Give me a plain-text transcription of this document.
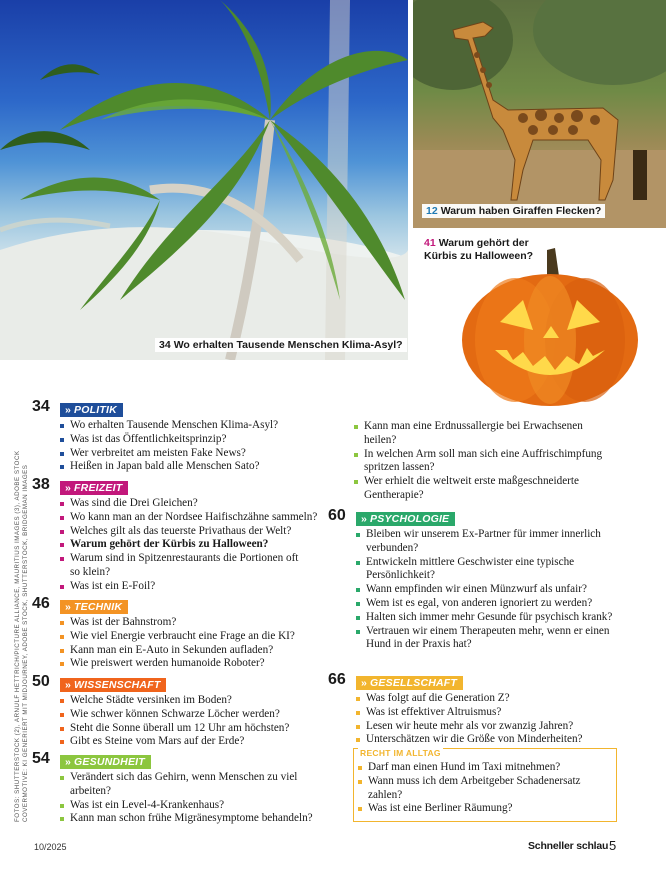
34 Wo erhalten Tausende Menschen Klima-Asyl?
12 Warum haben Giraffen Flecken?
41 Warum gehört der Kürbis zu Halloween?
34 » POLITIK
Wo erhalten Tausende Menschen Klima-Asyl?
Was ist das Öffentlichkeitsprinzip?
Wer verbreitet am meisten Fake News?
Heißen in Japan bald alle Menschen Sato?
38 » FREIZEIT
Was sind die Drei Gleichen?
Wo kann man an der Nordsee Haifischzähne sammeln?
Welches gilt als das teuerste Privathaus der Welt?
Warum gehört der Kürbis zu Halloween?
Warum sind in Spitzenrestaurants die Portionen oft so klein?
Was ist ein E-Foil?
46 » TECHNIK
Was ist der Bahnstrom?
Wie viel Energie verbraucht eine Frage an die KI?
Kann man ein E-Auto in Sekunden aufladen?
Wie preiswert werden humanoide Roboter?
50 » WISSENSCHAFT
Welche Städte versinken im Boden?
Wie schwer können Schwarze Löcher werden?
Steht die Sonne überall um 12 Uhr am höchsten?
Gibt es Steine vom Mars auf der Erde?
54 » GESUNDHEIT
Verändert sich das Gehirn, wenn Menschen zu viel arbeiten?
Was ist ein Level-4-Krankenhaus?
Kann man schon frühe Migränesymptome behandeln?
Kann man eine Erdnussallergie bei Erwachsenen heilen?
In welchen Arm soll man sich eine Auffrischimpfung spritzen lassen?
Wer erhielt die weltweit erste maßgeschneiderte Gentherapie?
60 » PSYCHOLOGIE
Bleiben wir unserem Ex-Partner für immer innerlich verbunden?
Entwickeln mittlere Geschwister eine typische Persönlichkeit?
Wann empfinden wir einen Münzwurf als unfair?
Wem ist es egal, von anderen ignoriert zu werden?
Halten sich immer mehr Gesunde für psychisch krank?
Vertrauen wir einem Therapeuten mehr, wenn er einen Hund in der Praxis hat?
66 » GESELLSCHAFT
Was folgt auf die Generation Z?
Was ist effektiver Altruismus?
Lesen wir heute mehr als vor zwanzig Jahren?
Unterschätzen wir die Größe von Minderheiten?
RECHT IM ALLTAG
Darf man einen Hund im Taxi mitnehmen?
Wann muss ich dem Arbeitgeber Schadenersatz zahlen?
Was ist eine Berliner Räumung?
FOTOS: SHUTTERSTOCK (2), ARNULF HETTRICH/PICTURE ALLIANCE, MAURITIUS IMAGES (3), ADOBE STOCK COVERMOTIVE: KI GENERIERT MIT MIDJOURNEY, ADOBE STOCK, SHUTTERSTOCK, BRIDGEMAN IMAGES
10/2025	Schneller schlau 5
